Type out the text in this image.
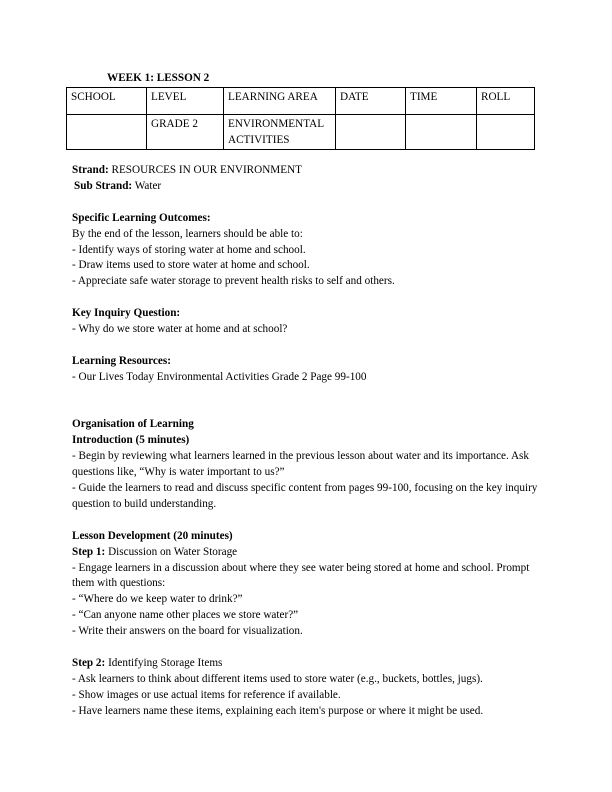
WEEK 1: LESSON 2
SCHOOL	LEVEL	LEARNING AREA	DATE	TIME	ROLL
	GRADE 2	ENVIRONMENTAL ACTIVITIES			

Strand: RESOURCES IN OUR ENVIRONMENT

Sub Strand: Water

Specific Learning Outcomes:

By the end of the lesson, learners should be able to:

- Identify ways of storing water at home and school.

- Draw items used to store water at home and school.

- Appreciate safe water storage to prevent health risks to self and others.

Key Inquiry Question:

- Why do we store water at home and at school?

Learning Resources:

- Our Lives Today Environmental Activities Grade 2 Page 99-100

Organisation of Learning

Introduction (5 minutes)

- Begin by reviewing what learners learned in the previous lesson about water and its importance. Ask questions like, “Why is water important to us?”

- Guide the learners to read and discuss specific content from pages 99-100, focusing on the key inquiry question to build understanding.

Lesson Development (20 minutes)

Step 1: Discussion on Water Storage

- Engage learners in a discussion about where they see water being stored at home and school. Prompt them with questions:

- “Where do we keep water to drink?”

- “Can anyone name other places we store water?”

- Write their answers on the board for visualization.

Step 2: Identifying Storage Items

- Ask learners to think about different items used to store water (e.g., buckets, bottles, jugs).

- Show images or use actual items for reference if available.

- Have learners name these items, explaining each item's purpose or where it might be used.
